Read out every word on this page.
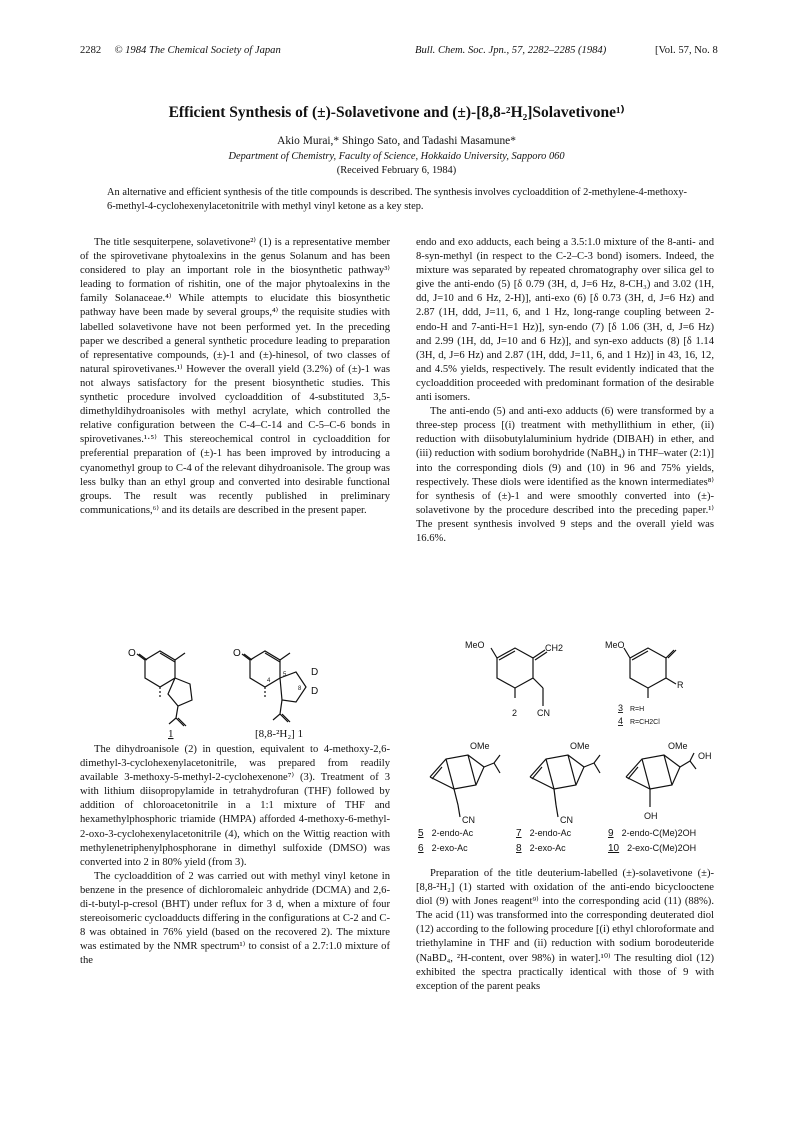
2282 © 1984 The Chemical Society of Japan	Bull. Chem. Soc. Jpn., 57, 2282–2285 (1984)	[Vol. 57, No. 8
Efficient Synthesis of (±)-Solavetivone and (±)-[8,8-²H₂]Solavetivone¹⁾
Akio Murai,* Shingo Sato, and Tadashi Masamune*
Department of Chemistry, Faculty of Science, Hokkaido University, Sapporo 060
(Received February 6, 1984)
An alternative and efficient synthesis of the title compounds is described. The synthesis involves cycloaddition of 2-methylene-4-methoxy-6-methyl-4-cyclohexenylacetonitrile with methyl vinyl ketone as a key step.

The title sesquiterpene, solavetivone²⁾ (1) is a representative member of the spirovetivane phytoalexins in the genus Solanum and has been considered to play an important role in the biosynthetic pathway³⁾ leading to formation of rishitin, one of the major phytoalexins in the family Solanaceae.⁴⁾ While attempts to elucidate this biosynthetic pathway have been made by several groups,⁴⁾ the requisite studies with labelled solavetivone have not been performed yet. In the preceding paper we described a general synthetic procedure leading to preparation of representative compounds, (±)-1 and (±)-hinesol, of two classes of natural spirovetivanes.¹⁾ However the overall yield (3.2%) of (±)-1 was not always satisfactory for the present biosynthetic studies. This synthetic procedure involved cycloaddition of 4-substituted 3,5-dimethyldihydroanisoles with methyl acrylate, which controlled the relative configuration between the C-4–C-14 and C-5–C-6 bonds in spirovetivanes.¹·⁵⁾ This stereochemical control in cycloaddition for preferential preparation of (±)-1 has been improved by introducing a cyanomethyl group to C-4 of the relevant dihydroanisole. The group was less bulky than an ethyl group and converted into desirable functional groups. The result was recently published in preliminary communications,⁶⁾ and its details are described in the present paper.

O	O
D
D
4
5
8
1	[8,8-²H₂] 1

The dihydroanisole (2) in question, equivalent to 4-methoxy-2,6-dimethyl-3-cyclohexenylacetonitrile, was prepared from readily available 3-methoxy-5-methyl-2-cyclohexenone⁷⁾ (3). Treatment of 3 with lithium diisopropylamide in tetrahydrofuran (THF) followed by addition of chloroacetonitrile in a 1:1 mixture of THF and hexamethylphosphoric triamide (HMPA) afforded 4-methoxy-6-methyl-2-oxo-3-cyclohexenylacetonitrile (4), which on the Wittig reaction with methylenetriphenylphosphorane in dimethyl sulfoxide (DMSO) was converted into 2 in 80% yield (from 3).

The cycloaddition of 2 was carried out with methyl vinyl ketone in benzene in the presence of dichloromaleic anhydride (DCMA) and 2,6-di-t-butyl-p-cresol (BHT) under reflux for 3 d, when a mixture of four stereoisomeric cycloadducts differing in the configurations at C-2 and C-8 was obtained in 76% yield (based on the recovered 2). The mixture was estimated by the NMR spectrum¹⁾ to consist of a 2.7:1.0 mixture of the

endo and exo adducts, each being a 3.5:1.0 mixture of the 8-anti- and 8-syn-methyl (in respect to the C-2–C-3 bond) isomers. Indeed, the mixture was separated by repeated chromatography over silica gel to give the anti-endo (5) [δ 0.79 (3H, d, J=6 Hz, 8-CH₃) and 3.02 (1H, dd, J=10 and 6 Hz, 2-H)], anti-exo (6) [δ 0.73 (3H, d, J=6 Hz) and 2.87 (1H, ddd, J=11, 6, and 1 Hz, long-range coupling between 2-endo-H and 7-anti-H=1 Hz)], syn-endo (7) [δ 1.06 (3H, d, J=6 Hz) and 2.99 (1H, dd, J=10 and 6 Hz)], and syn-exo adducts (8) [δ 1.14 (3H, d, J=6 Hz) and 2.87 (1H, ddd, J=11, 6, and 1 Hz)] in 43, 16, 12, and 4.5% yields, respectively. The result evidently indicated that the cycloaddition proceeded with predominant formation of the desirable anti isomers.

The anti-endo (5) and anti-exo adducts (6) were transformed by a three-step process [(i) treatment with methyllithium in ether, (ii) reduction with diisobutylaluminium hydride (DIBAH) in ether, and (iii) reduction with sodium borohydride (NaBH₄) in THF–water (2:1)] into the corresponding diols (9) and (10) in 96 and 75% yields, respectively. These diols were identified as the known intermediates⁸⁾ for synthesis of (±)-1 and were smoothly converted into (±)-solavetivone by the procedure described into the preceding paper.¹⁾ The present synthesis involved 9 steps and the overall yield was 16.6%.

MeO	CH2
CN
2
MeO
R
3 R=H
4 R=CH2Cl
OMe
CN
OMe
CN
OMe
OH
OH
5 2-endo-Ac	7 2-endo-Ac	9 2-endo-C(Me)2OH
6 2-exo-Ac	8 2-exo-Ac	10 2-exo-C(Me)2OH

Preparation of the title deuterium-labelled (±)-solavetivone (±)-[8,8-²H₂] (1) started with oxidation of the anti-endo bicyclooctene diol (9) with Jones reagent⁹⁾ into the corresponding acid (11) (88%). The acid (11) was transformed into the corresponding deuterated diol (12) according to the following procedure [(i) ethyl chloroformate and triethylamine in THF and (ii) reduction with sodium borodeuteride (NaBD₄, ²H-content, over 98%) in water].¹⁰⁾ The resulting diol (12) exhibited the spectra practically identical with those of 9 with exception of the parent peaks
